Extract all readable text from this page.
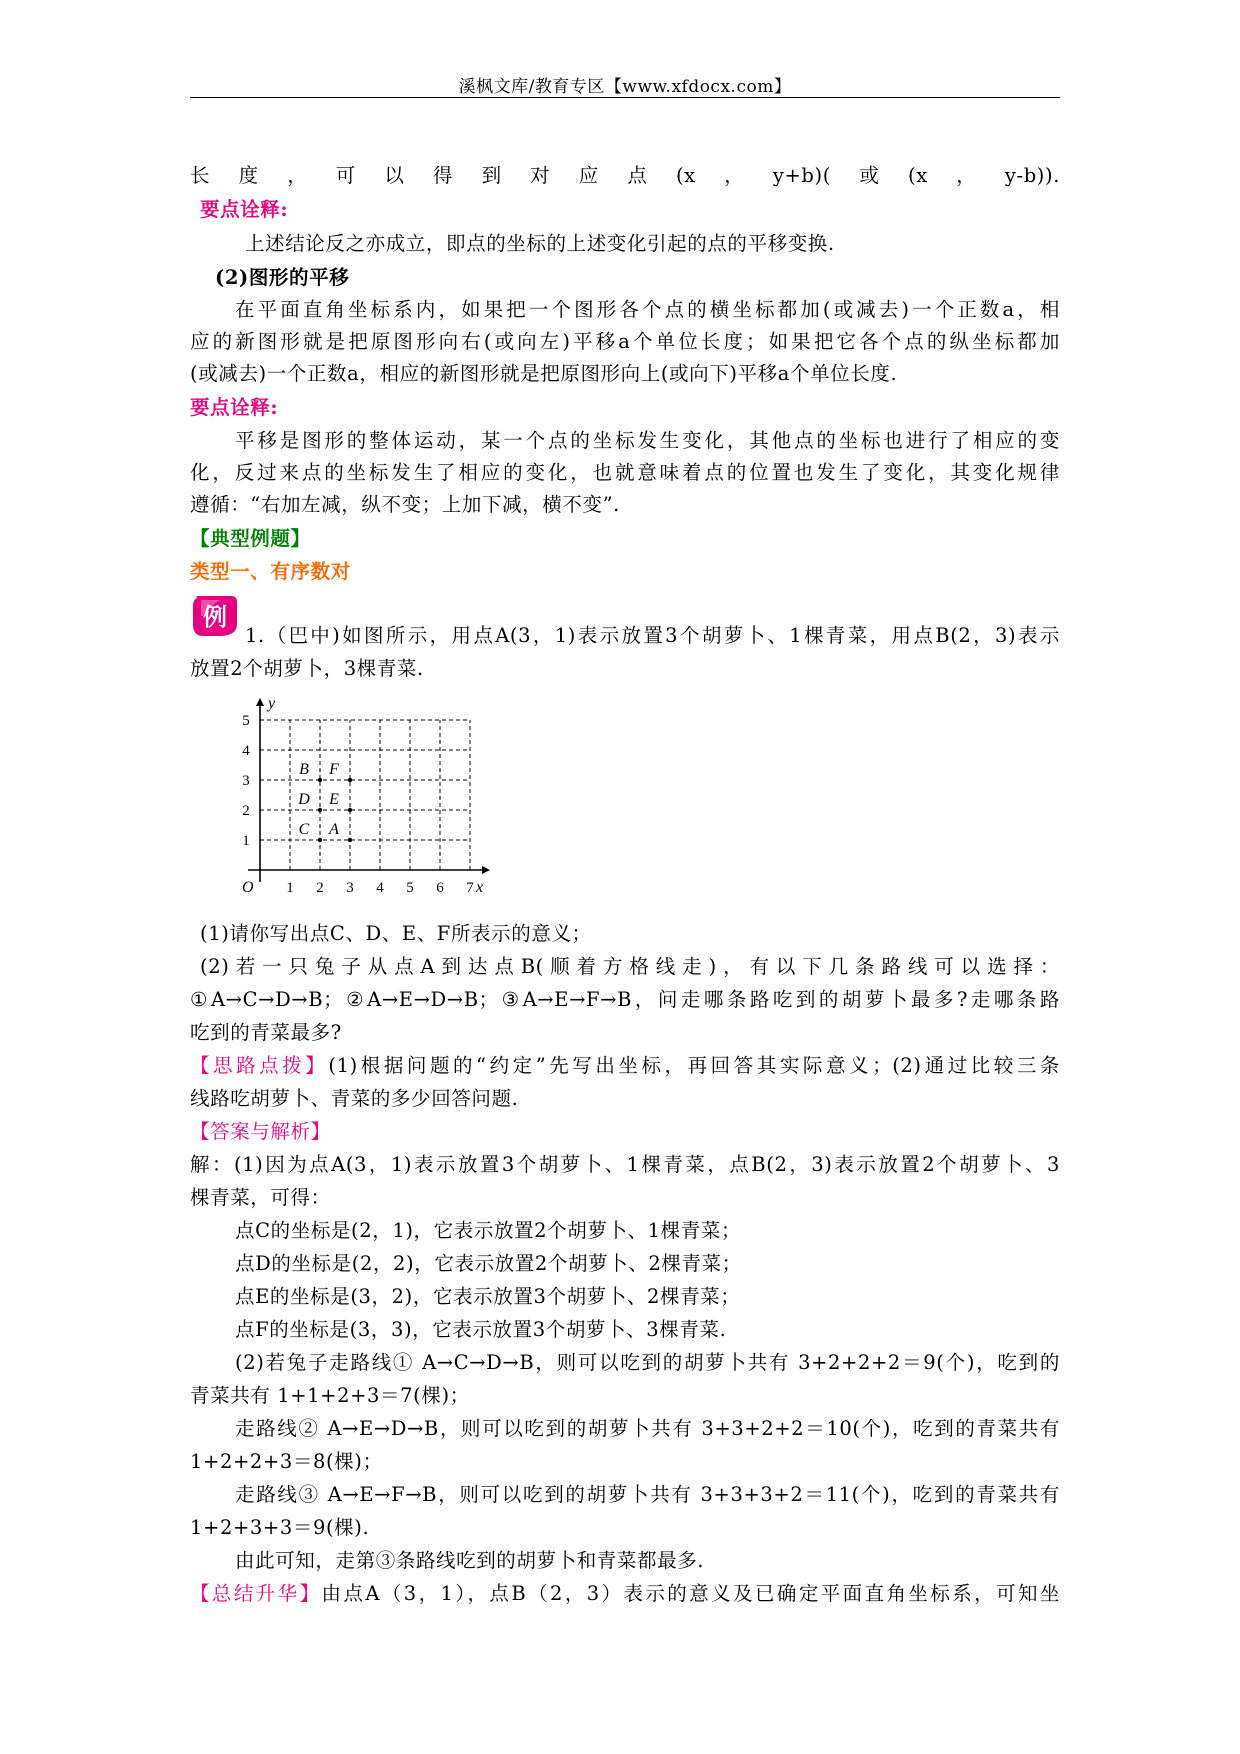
溪枫文库/教育专区【www.xfdocx.com】
长度，可以得到对应点(x，y+b)(或(x，y-b)).
要点诠释:
上述结论反之亦成立，即点的坐标的上述变化引起的点的平移变换.
(2)图形的平移
在平面直角坐标系内，如果把一个图形各个点的横坐标都加(或减去)一个正数a，相
应的新图形就是把原图形向右(或向左)平移a个单位长度；如果把它各个点的纵坐标都加
(或减去)一个正数a，相应的新图形就是把原图形向上(或向下)平移a个单位长度.
要点诠释:
平移是图形的整体运动，某一个点的坐标发生变化，其他点的坐标也进行了相应的变
化，反过来点的坐标发生了相应的变化，也就意味着点的位置也发生了变化，其变化规律
遵循：“右加左减，纵不变；上加下减，横不变”.
【典型例题】
类型一、有序数对
例
1.（巴中)如图所示，用点A(3，1)表示放置3个胡萝卜、1棵青菜，用点B(2，3)表示
放置2个胡萝卜，3棵青菜.
1 2 3 4 5 6 7
1
2
3
4
5
O	x
y
A
B
C
D E
F
(1)请你写出点C、D、E、F所表示的意义；
(2)若一只兔子从点A到达点B(顺着方格线走)，有以下几条路线可以选择：
①A→C→D→B；②A→E→D→B；③A→E→F→B，问走哪条路吃到的胡萝卜最多?走哪条路
吃到的青菜最多?
【思路点拨】(1)根据问题的“约定”先写出坐标，再回答其实际意义；(2)通过比较三条
线路吃胡萝卜、青菜的多少回答问题.
【答案与解析】
解：(1)因为点A(3，1)表示放置3个胡萝卜、1棵青菜，点B(2，3)表示放置2个胡萝卜、3
棵青菜，可得：
点C的坐标是(2，1)，它表示放置2个胡萝卜、1棵青菜；
点D的坐标是(2，2)，它表示放置2个胡萝卜、2棵青菜；
点E的坐标是(3，2)，它表示放置3个胡萝卜、2棵青菜；
点F的坐标是(3，3)，它表示放置3个胡萝卜、3棵青菜.
(2)若兔子走路线① A→C→D→B，则可以吃到的胡萝卜共有 3+2+2+2＝9(个)，吃到的
青菜共有 1+1+2+3＝7(棵)；
走路线② A→E→D→B，则可以吃到的胡萝卜共有 3+3+2+2＝10(个)，吃到的青菜共有
1+2+2+3＝8(棵)；
走路线③ A→E→F→B，则可以吃到的胡萝卜共有 3+3+3+2＝11(个)，吃到的青菜共有
1+2+3+3＝9(棵).
由此可知，走第③条路线吃到的胡萝卜和青菜都最多.
【总结升华】由点A（3，1），点B（2，3）表示的意义及已确定平面直角坐标系，可知坐
